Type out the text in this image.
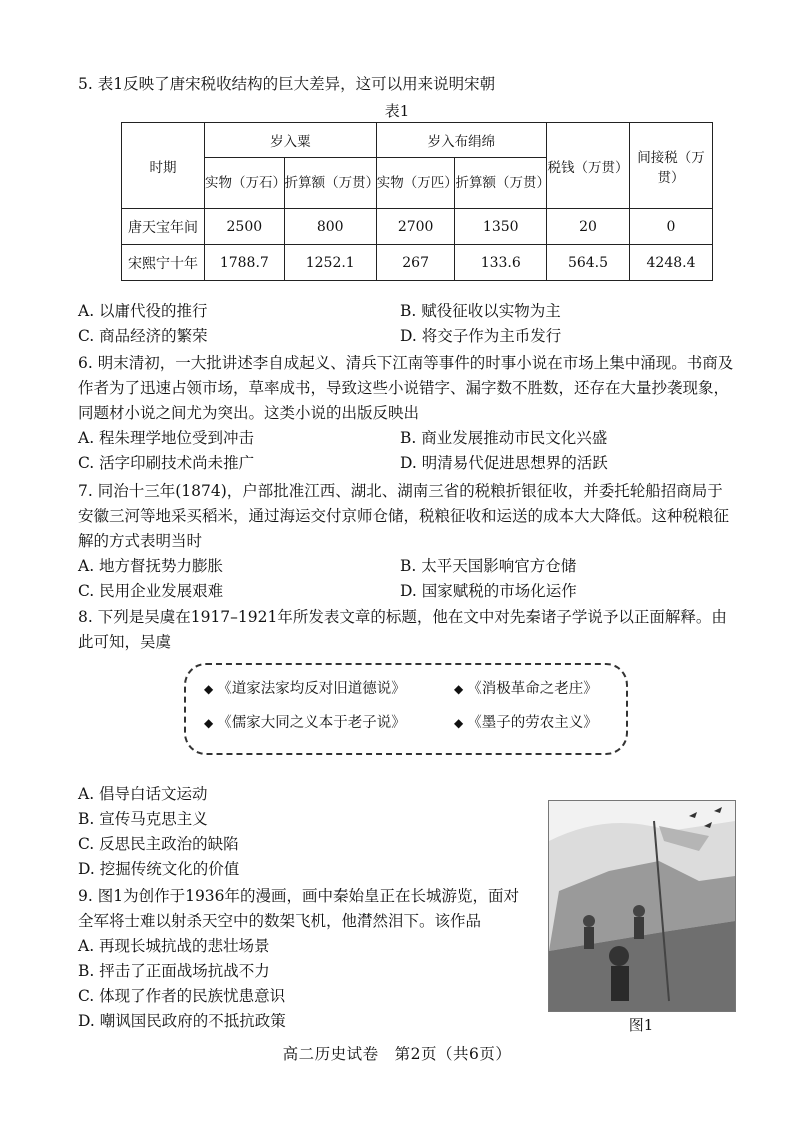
5. 表1反映了唐宋税收结构的巨大差异，这可以用来说明宋朝

表1
时期	岁入粟		岁入布绢绵		税钱（万贯）	间接税（万贯）
	实物（万石）	折算额（万贯）	实物（万匹）	折算额（万贯）		
唐天宝年间	2500	800	2700	1350	20	0
宋熙宁十年	1788.7	1252.1	267	133.6	564.5	4248.4
A. 以庸代役的推行	B. 赋役征收以实物为主
C. 商品经济的繁荣	D. 将交子作为主币发行

6. 明末清初，一大批讲述李自成起义、清兵下江南等事件的时事小说在市场上集中涌现。书商及作者为了迅速占领市场，草率成书，导致这些小说错字、漏字数不胜数，还存在大量抄袭现象，同题材小说之间尤为突出。这类小说的出版反映出

A. 程朱理学地位受到冲击	B. 商业发展推动市民文化兴盛
C. 活字印刷技术尚未推广	D. 明清易代促进思想界的活跃

7. 同治十三年(1874)，户部批准江西、湖北、湖南三省的税粮折银征收，并委托轮船招商局于安徽三河等地采买稻米，通过海运交付京师仓储，税粮征收和运送的成本大大降低。这种税粮征解的方式表明当时

A. 地方督抚势力膨胀	B. 太平天国影响官方仓储
C. 民用企业发展艰难	D. 国家赋税的市场化运作

8. 下列是吴虞在1917–1921年所发表文章的标题，他在文中对先秦诸子学说予以正面解释。由此可知，吴虞

◆ 《道家法家均反对旧道德说》	◆ 《消极革命之老庄》
◆ 《儒家大同之义本于老子说》	◆ 《墨子的劳农主义》
A. 倡导白话文运动
B. 宣传马克思主义
C. 反思民主政治的缺陷
D. 挖掘传统文化的价值

9. 图1为创作于1936年的漫画，画中秦始皇正在长城游览，面对全军将士难以射杀天空中的数架飞机，他潸然泪下。该作品

A. 再现长城抗战的悲壮场景
B. 抨击了正面战场抗战不力
C. 体现了作者的民族忧患意识
D. 嘲讽国民政府的不抵抗政策	图1
高二历史试卷　第2页（共6页）
